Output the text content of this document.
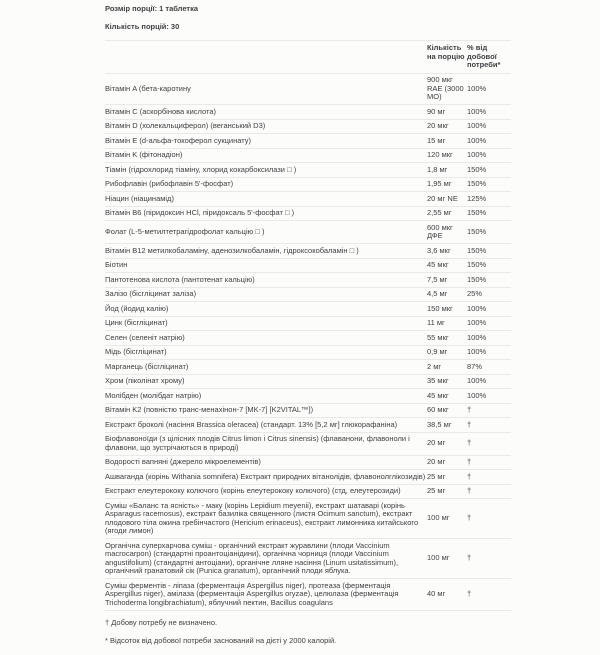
Розмір порції: 1 таблетка

Кількість порцій: 30

	Кількість на порцію	% від добової потреби*
Вітамін A (бета-каротину	900 мкг RAE (3000 МО)	100%
Вітамін C (аскорбінова кислота)	90 мг	100%
Вітамін D (холекальциферол) (веганський D3)	20 мкг	100%
Вітамін E (d-альфа-токоферол сукцинату)	15 мг	100%
Вітамін K (фітонадіон)	120 мкг	100%
Тіамін (гідрохлорид тіаміну, хлорид кокарбоксилази □ )	1,8 мг	150%
Рибофлавін (рибофлавін 5'-фосфат)	1,95 мг	150%
Ніацин (ніацинамід)	20 мг NE	125%
Вітамін B6 (піридоксин HCl, піридоксаль 5'-фосфат □ )	2,55 мг	150%
Фолат (L-5-метилтетрагідрофолат кальцію □ )	600 мкг ДФЕ	150%
Вітамін B12 метилкобаламіну, аденозилкобаламін, гідроксокобаламін □ )	3,6 мкг	150%
Біотин	45 мкг	150%
Пантотенова кислота (пантотенат кальцію)	7,5 мг	150%
Залізо (бісгліцинат заліза)	4,5 мг	25%
Йод (йодид калію)	150 мкг	100%
Цинк (бісгліцинат)	11 мг	100%
Селен (селеніт натрію)	55 мкг	100%
Мідь (бісгліцинат)	0,9 мг	100%
Марганець (бісгліцинат)	2 мг	87%
Хром (піколінат хрому)	35 мкг	100%
Молібден (молібдат натрію)	45 мкг	100%
Вітамін K2 (повністю транс-менахінон-7 [MK-7] [K2VITAL™])	60 мкг	†
Екстракт броколі (насіння Brassica oleracea) (стандарт. 13% [5,2 мг] глюкорафаніна)	38,5 мг	†
Біофлавоноїди (з цілісних плодів Citrus limon і Citrus sinensis) (флаванони, флавоноли і флавони, що зустрічаються в природі)	20 мг	†
Водорості вапняні (джерело мікроелементів)	20 мг	†
Ашваганда (корінь Withania somnifera) Екстракт природних вітанолідів, флавонолглікозидів)	25 мг	†
Екстракт елеутерококу колючого (корінь елеутерококу колючого) (стд, елеутерозиди)	25 мг	†
Суміш «Баланс та ясність» - маку (корінь Lepidium meyenii), екстракт шатаварі (корінь Asparagus racemosus), екстракт базиліка священного (листя Ocimum sanctum), екстракт плодового тіла ожина гребінчастого (Hericium erinaceus), екстракт лимонника китайського (ягоди лимон)	100 мг	†
Органічна суперхарчова суміш - органічний екстракт журавлини (плоди Vaccinium macrocarpon) (стандартні проантоціанідини), органічна чорниця (плоди Vaccinium angustifolium) (стандартні антоціани), органічне лляне насіння (Linum usitatissimum), органічний гранатовий сік (Punica granatum), органічний плоди яблука.	100 мг	†
Суміш ферментів - ліпаза (ферментація Aspergillus niger), протеаза (ферментація Aspergillus niger), амілаза (ферментація Aspergillus oryzae), целюлаза (ферментація Trichoderma longibrachiatum), яблучний пектин, Bacillus coagulans	40 мг	†

† Добову потребу не визначено.

* Відсоток від добової потреби заснований на дієті у 2000 калорій.
